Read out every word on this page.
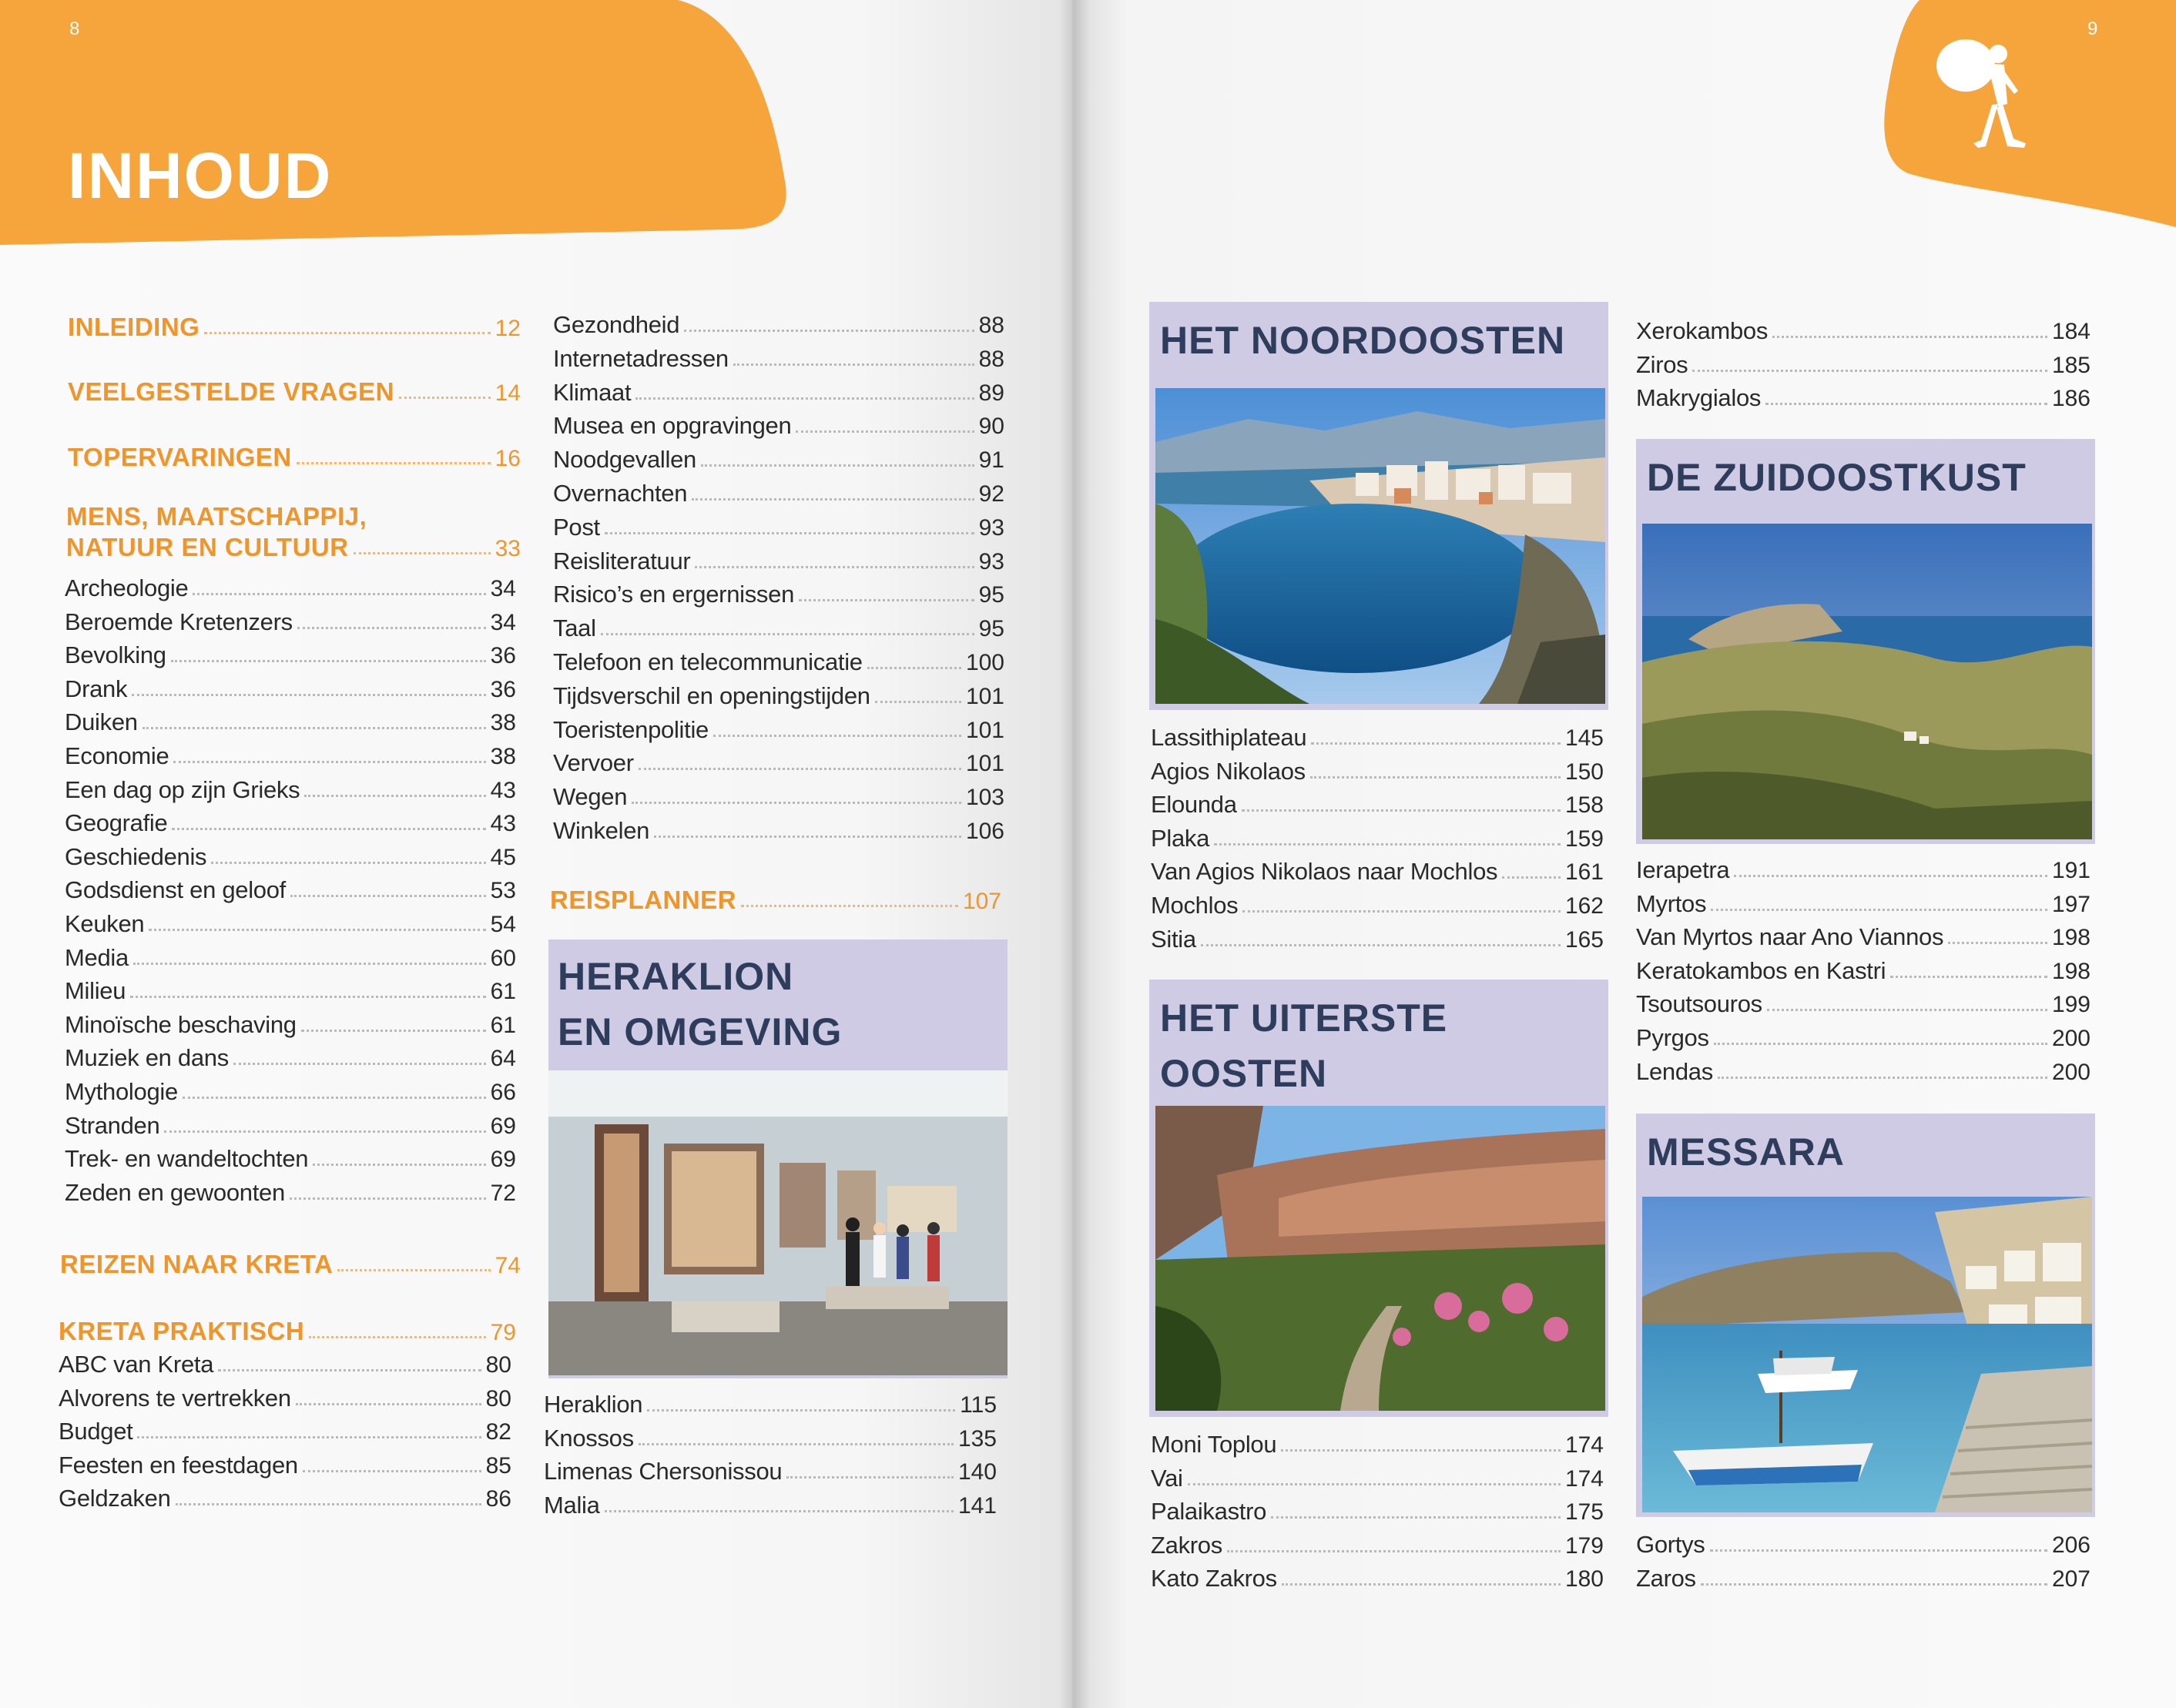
8
INHOUD
INLEIDING	12
VEELGESTELDE VRAGEN	14
TOPERVARINGEN	16
MENS, MAATSCHAPPIJ,
NATUUR EN CULTUUR	33
Archeologie	34
Beroemde Kretenzers	34
Bevolking	36
Drank	36
Duiken	38
Economie	38
Een dag op zijn Grieks	43
Geografie	43
Geschiedenis	45
Godsdienst en geloof	53
Keuken	54
Media	60
Milieu	61
Minoïsche beschaving	61
Muziek en dans	64
Mythologie	66
Stranden	69
Trek- en wandeltochten	69
Zeden en gewoonten	72
REIZEN NAAR KRETA	74
KRETA PRAKTISCH	79
ABC van Kreta	80
Alvorens te vertrekken	80
Budget	82
Feesten en feestdagen	85
Geldzaken	86
Gezondheid	88
Internetadressen	88
Klimaat	89
Musea en opgravingen	90
Noodgevallen	91
Overnachten	92
Post	93
Reisliteratuur	93
Risico’s en ergernissen	95
Taal	95
Telefoon en telecommunicatie	100
Tijdsverschil en openingstijden	101
Toeristenpolitie	101
Vervoer	101
Wegen	103
Winkelen	106
REISPLANNER	107
HERAKLION
EN OMGEVING
Heraklion	115
Knossos	135
Limenas Chersonissou	140
Malia	141
9
HET NOORDOOSTEN
Lassithiplateau	145
Agios Nikolaos	150
Elounda	158
Plaka	159
Van Agios Nikolaos naar Mochlos	161
Mochlos	162
Sitia	165
HET UITERSTE
OOSTEN
Moni Toplou	174
Vai	174
Palaikastro	175
Zakros	179
Kato Zakros	180
Xerokambos	184
Ziros	185
Makrygialos	186
DE ZUIDOOSTKUST
Ierapetra	191
Myrtos	197
Van Myrtos naar Ano Viannos	198
Keratokambos en Kastri	198
Tsoutsouros	199
Pyrgos	200
Lendas	200
MESSARA
Gortys	206
Zaros	207
